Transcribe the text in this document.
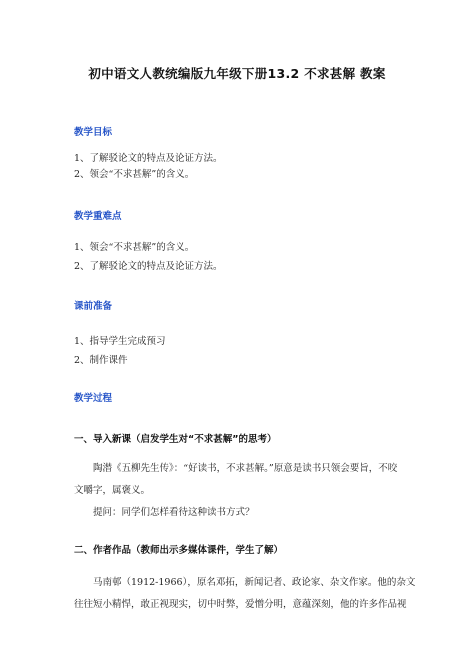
初中语文人教统编版九年级下册13.2 不求甚解 教案
教学目标
1、了解驳论文的特点及论证方法。
2、领会“不求甚解”的含义。
教学重难点
1、领会“不求甚解”的含义。
2、了解驳论文的特点及论证方法。
课前准备
1、指导学生完成预习
2、制作课件
教学过程
一、导入新课（启发学生对“不求甚解”的思考）
陶潜《五柳先生传》：“好读书，不求甚解。”原意是读书只领会要旨，不咬
文嚼字，属褒义。
提问：同学们怎样看待这种读书方式？
二、作者作品（教师出示多媒体课件，学生了解）
马南邨（1912-1966），原名邓拓，新闻记者、政论家、杂文作家。他的杂文
往往短小精悍，敢正视现实，切中时弊，爱憎分明，意蕴深刻，他的许多作品视
